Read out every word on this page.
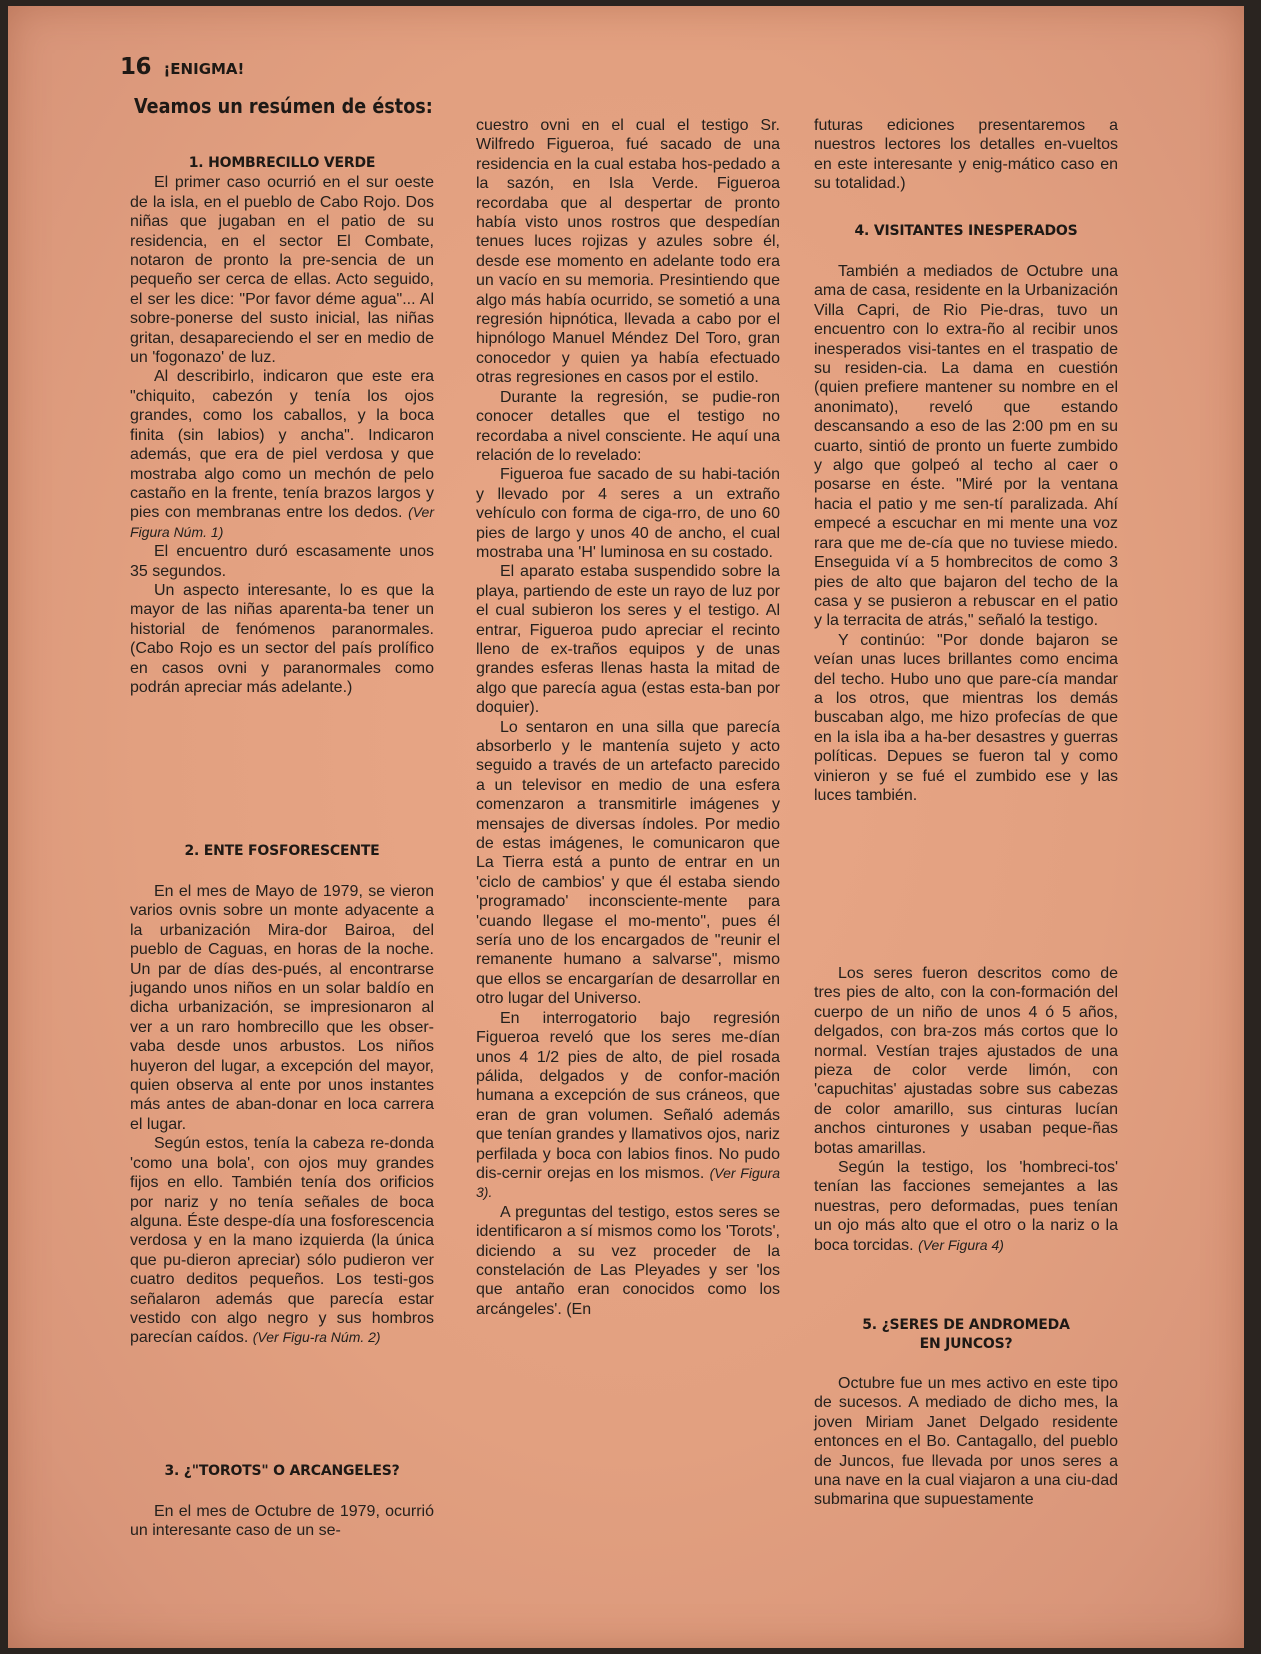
16 ¡ENIGMA!
Veamos un resúmen de éstos:
1. HOMBRECILLO VERDE

El primer caso ocurrió en el sur oeste de la isla, en el pueblo de Cabo Rojo. Dos niñas que jugaban en el patio de su residencia, en el sector El Combate, notaron de pronto la pre-sencia de un pequeño ser cerca de ellas. Acto seguido, el ser les dice: "Por favor déme agua"... Al sobre-ponerse del susto inicial, las niñas gritan, desapareciendo el ser en medio de un 'fogonazo' de luz.

Al describirlo, indicaron que este era "chiquito, cabezón y tenía los ojos grandes, como los caballos, y la boca finita (sin labios) y ancha". Indicaron además, que era de piel verdosa y que mostraba algo como un mechón de pelo castaño en la frente, tenía brazos largos y pies con membranas entre los dedos. (Ver Figura Núm. 1)

El encuentro duró escasamente unos 35 segundos.

Un aspecto interesante, lo es que la mayor de las niñas aparenta-ba tener un historial de fenómenos paranormales. (Cabo Rojo es un sector del país prolífico en casos ovni y paranormales como podrán apreciar más adelante.)

2. ENTE FOSFORESCENTE

En el mes de Mayo de 1979, se vieron varios ovnis sobre un monte adyacente a la urbanización Mira-dor Bairoa, del pueblo de Caguas, en horas de la noche. Un par de días des-pués, al encontrarse jugando unos niños en un solar baldío en dicha urbanización, se impresionaron al ver a un raro hombrecillo que les obser-vaba desde unos arbustos. Los niños huyeron del lugar, a excepción del mayor, quien observa al ente por unos instantes más antes de aban-donar en loca carrera el lugar.

Según estos, tenía la cabeza re-donda 'como una bola', con ojos muy grandes fijos en ello. También tenía dos orificios por nariz y no tenía señales de boca alguna. Éste despe-día una fosforescencia verdosa y en la mano izquierda (la única que pu-dieron apreciar) sólo pudieron ver cuatro deditos pequeños. Los testi-gos señalaron además que parecía estar vestido con algo negro y sus hombros parecían caídos. (Ver Figu-ra Núm. 2)

3. ¿"TOROTS" O ARCANGELES?

En el mes de Octubre de 1979, ocurrió un interesante caso de un se-

cuestro ovni en el cual el testigo Sr. Wilfredo Figueroa, fué sacado de una residencia en la cual estaba hos-pedado a la sazón, en Isla Verde. Figueroa recordaba que al despertar de pronto había visto unos rostros que despedían tenues luces rojizas y azules sobre él, desde ese momento en adelante todo era un vacío en su memoria. Presintiendo que algo más había ocurrido, se sometió a una regresión hipnótica, llevada a cabo por el hipnólogo Manuel Méndez Del Toro, gran conocedor y quien ya había efectuado otras regresiones en casos por el estilo.

Durante la regresión, se pudie-ron conocer detalles que el testigo no recordaba a nivel consciente. He aquí una relación de lo revelado:

Figueroa fue sacado de su habi-tación y llevado por 4 seres a un extraño vehículo con forma de ciga-rro, de uno 60 pies de largo y unos 40 de ancho, el cual mostraba una 'H' luminosa en su costado.

El aparato estaba suspendido sobre la playa, partiendo de este un rayo de luz por el cual subieron los seres y el testigo. Al entrar, Figueroa pudo apreciar el recinto lleno de ex-traños equipos y de unas grandes esferas llenas hasta la mitad de algo que parecía agua (estas esta-ban por doquier).

Lo sentaron en una silla que parecía absorberlo y le mantenía sujeto y acto seguido a través de un artefacto parecido a un televisor en medio de una esfera comenzaron a transmitirle imágenes y mensajes de diversas índoles. Por medio de estas imágenes, le comunicaron que La Tierra está a punto de entrar en un 'ciclo de cambios' y que él estaba siendo 'programado' inconsciente-mente para 'cuando llegase el mo-mento", pues él sería uno de los encargados de "reunir el remanente humano a salvarse", mismo que ellos se encargarían de desarrollar en otro lugar del Universo.

En interrogatorio bajo regresión Figueroa reveló que los seres me-dían unos 4 1/2 pies de alto, de piel rosada pálida, delgados y de confor-mación humana a excepción de sus cráneos, que eran de gran volumen. Señaló además que tenían grandes y llamativos ojos, nariz perfilada y boca con labios finos. No pudo dis-cernir orejas en los mismos. (Ver Figura 3).

A preguntas del testigo, estos seres se identificaron a sí mismos como los 'Torots', diciendo a su vez proceder de la constelación de Las Pleyades y ser 'los que antaño eran conocidos como los arcángeles'. (En

futuras ediciones presentaremos a nuestros lectores los detalles en-vueltos en este interesante y enig-mático caso en su totalidad.)

4. VISITANTES INESPERADOS

También a mediados de Octubre una ama de casa, residente en la Urbanización Villa Capri, de Rio Pie-dras, tuvo un encuentro con lo extra-ño al recibir unos inesperados visi-tantes en el traspatio de su residen-cia. La dama en cuestión (quien prefiere mantener su nombre en el anonimato), reveló que estando descansando a eso de las 2:00 pm en su cuarto, sintió de pronto un fuerte zumbido y algo que golpeó al techo al caer o posarse en éste. "Miré por la ventana hacia el patio y me sen-tí paralizada. Ahí empecé a escuchar en mi mente una voz rara que me de-cía que no tuviese miedo. Enseguida ví a 5 hombrecitos de como 3 pies de alto que bajaron del techo de la casa y se pusieron a rebuscar en el patio y la terracita de atrás," señaló la testigo.

Y continúo: "Por donde bajaron se veían unas luces brillantes como encima del techo. Hubo uno que pare-cía mandar a los otros, que mientras los demás buscaban algo, me hizo profecías de que en la isla iba a ha-ber desastres y guerras políticas. Depues se fueron tal y como vinieron y se fué el zumbido ese y las luces también.

Los seres fueron descritos como de tres pies de alto, con la con-formación del cuerpo de un niño de unos 4 ó 5 años, delgados, con bra-zos más cortos que lo normal. Vestían trajes ajustados de una pieza de color verde limón, con 'capuchitas' ajustadas sobre sus cabezas de color amarillo, sus cinturas lucían anchos cinturones y usaban peque-ñas botas amarillas.

Según la testigo, los 'hombreci-tos' tenían las facciones semejantes a las nuestras, pero deformadas, pues tenían un ojo más alto que el otro o la nariz o la boca torcidas. (Ver Figura 4)

5. ¿SERES DE ANDROMEDA EN JUNCOS?

Octubre fue un mes activo en este tipo de sucesos. A mediado de dicho mes, la joven Miriam Janet Delgado residente entonces en el Bo. Cantagallo, del pueblo de Juncos, fue llevada por unos seres a una nave en la cual viajaron a una ciu-dad submarina que supuestamente
